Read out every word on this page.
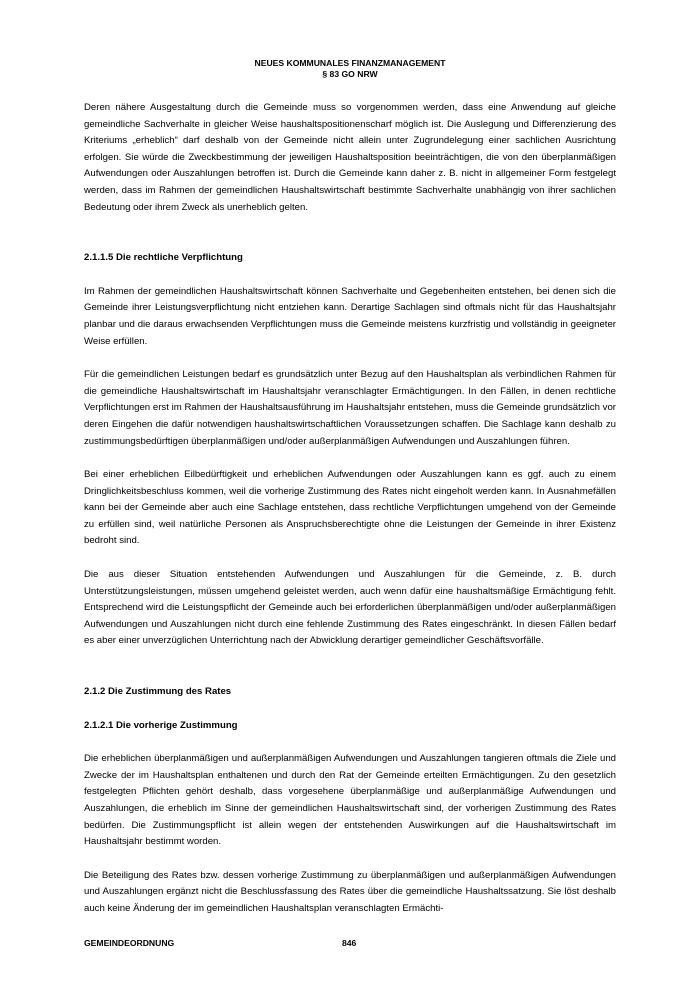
NEUES KOMMUNALES FINANZMANAGEMENT
§ 83 GO NRW
Deren nähere Ausgestaltung durch die Gemeinde muss so vorgenommen werden, dass eine Anwendung auf gleiche gemeindliche Sachverhalte in gleicher Weise haushaltspositionenscharf möglich ist. Die Auslegung und Differenzierung des Kriteriums „erheblich“ darf deshalb von der Gemeinde nicht allein unter Zugrundelegung einer sachlichen Ausrichtung erfolgen. Sie würde die Zweckbestimmung der jeweiligen Haushaltsposition beeinträchtigen, die von den überplanmäßigen Aufwendungen oder Auszahlungen betroffen ist. Durch die Gemeinde kann daher z. B. nicht in allgemeiner Form festgelegt werden, dass im Rahmen der gemeindlichen Haushaltswirtschaft bestimmte Sachverhalte unabhängig von ihrer sachlichen Bedeutung oder ihrem Zweck als unerheblich gelten.
2.1.1.5 Die rechtliche Verpflichtung
Im Rahmen der gemeindlichen Haushaltswirtschaft können Sachverhalte und Gegebenheiten entstehen, bei denen sich die Gemeinde ihrer Leistungsverpflichtung nicht entziehen kann. Derartige Sachlagen sind oftmals nicht für das Haushaltsjahr planbar und die daraus erwachsenden Verpflichtungen muss die Gemeinde meistens kurzfristig und vollständig in geeigneter Weise erfüllen.
Für die gemeindlichen Leistungen bedarf es grundsätzlich unter Bezug auf den Haushaltsplan als verbindlichen Rahmen für die gemeindliche Haushaltswirtschaft im Haushaltsjahr veranschlagter Ermächtigungen. In den Fällen, in denen rechtliche Verpflichtungen erst im Rahmen der Haushaltsausführung im Haushaltsjahr entstehen, muss die Gemeinde grundsätzlich vor deren Eingehen die dafür notwendigen haushaltswirtschaftlichen Voraussetzungen schaffen. Die Sachlage kann deshalb zu zustimmungsbedürftigen überplanmäßigen und/oder außerplanmäßigen Aufwendungen und Auszahlungen führen.
Bei einer erheblichen Eilbedürftigkeit und erheblichen Aufwendungen oder Auszahlungen kann es ggf. auch zu einem Dringlichkeitsbeschluss kommen, weil die vorherige Zustimmung des Rates nicht eingeholt werden kann. In Ausnahmefällen kann bei der Gemeinde aber auch eine Sachlage entstehen, dass rechtliche Verpflichtungen umgehend von der Gemeinde zu erfüllen sind, weil natürliche Personen als Anspruchsberechtigte ohne die Leistungen der Gemeinde in ihrer Existenz bedroht sind.
Die aus dieser Situation entstehenden Aufwendungen und Auszahlungen für die Gemeinde, z. B. durch Unterstützungsleistungen, müssen umgehend geleistet werden, auch wenn dafür eine haushaltsmäßige Ermächtigung fehlt. Entsprechend wird die Leistungspflicht der Gemeinde auch bei erforderlichen überplanmäßigen und/oder außerplanmäßigen Aufwendungen und Auszahlungen nicht durch eine fehlende Zustimmung des Rates eingeschränkt. In diesen Fällen bedarf es aber einer unverzüglichen Unterrichtung nach der Abwicklung derartiger gemeindlicher Geschäftsvorfälle.
2.1.2 Die Zustimmung des Rates
2.1.2.1 Die vorherige Zustimmung
Die erheblichen überplanmäßigen und außerplanmäßigen Aufwendungen und Auszahlungen tangieren oftmals die Ziele und Zwecke der im Haushaltsplan enthaltenen und durch den Rat der Gemeinde erteilten Ermächtigungen. Zu den gesetzlich festgelegten Pflichten gehört deshalb, dass vorgesehene überplanmäßige und außerplanmäßige Aufwendungen und Auszahlungen, die erheblich im Sinne der gemeindlichen Haushaltswirtschaft sind, der vorherigen Zustimmung des Rates bedürfen. Die Zustimmungspflicht ist allein wegen der entstehenden Auswirkungen auf die Haushaltswirtschaft im Haushaltsjahr bestimmt worden.
Die Beteiligung des Rates bzw. dessen vorherige Zustimmung zu überplanmäßigen und außerplanmäßigen Aufwendungen und Auszahlungen ergänzt nicht die Beschlussfassung des Rates über die gemeindliche Haushaltssatzung. Sie löst deshalb auch keine Änderung der im gemeindlichen Haushaltsplan veranschlagten Ermächti-
GEMEINDEORDNUNG	846
